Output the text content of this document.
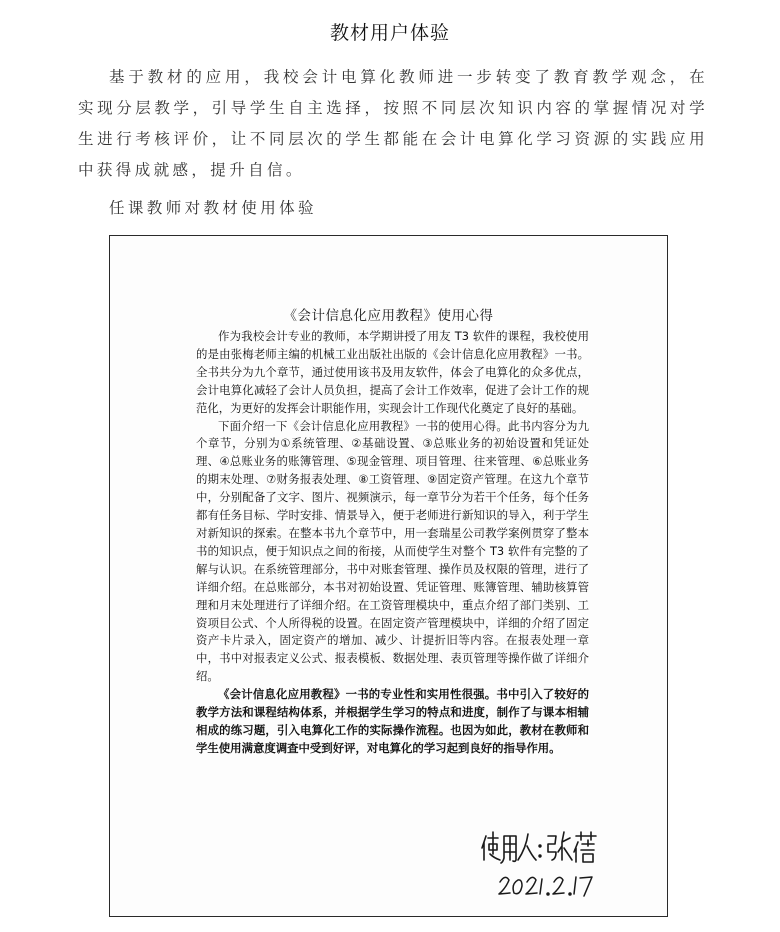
教材用户体验
基于教材的应用，我校会计电算化教师进一步转变了教育教学观念，在实现分层教学，引导学生自主选择，按照不同层次知识内容的掌握情况对学生进行考核评价，让不同层次的学生都能在会计电算化学习资源的实践应用中获得成就感，提升自信。
任课教师对教材使用体验
《会计信息化应用教程》使用心得

作为我校会计专业的教师，本学期讲授了用友 T3 软件的课程，我校使用的是由张梅老师主编的机械工业出版社出版的《会计信息化应用教程》一书。全书共分为九个章节，通过使用该书及用友软件，体会了电算化的众多优点，会计电算化减轻了会计人员负担，提高了会计工作效率，促进了会计工作的规范化，为更好的发挥会计职能作用，实现会计工作现代化奠定了良好的基础。

下面介绍一下《会计信息化应用教程》一书的使用心得。此书内容分为九个章节，分别为①系统管理、②基础设置、③总账业务的初始设置和凭证处理、④总账业务的账簿管理、⑤现金管理、项目管理、往来管理、⑥总账业务的期末处理、⑦财务报表处理、⑧工资管理、⑨固定资产管理。在这九个章节中，分别配备了文字、图片、视频演示，每一章节分为若干个任务，每个任务都有任务目标、学时安排、情景导入，便于老师进行新知识的导入，利于学生对新知识的探索。在整本书九个章节中，用一套瑞星公司教学案例贯穿了整本书的知识点，便于知识点之间的衔接，从而使学生对整个 T3 软件有完整的了解与认识。在系统管理部分，书中对账套管理、操作员及权限的管理，进行了详细介绍。在总账部分，本书对初始设置、凭证管理、账簿管理、辅助核算管理和月末处理进行了详细介绍。在工资管理模块中，重点介绍了部门类别、工资项目公式、个人所得税的设置。在固定资产管理模块中，详细的介绍了固定资产卡片录入，固定资产的增加、减少、计提折旧等内容。在报表处理一章中，书中对报表定义公式、报表模板、数据处理、表页管理等操作做了详细介绍。

《会计信息化应用教程》一书的专业性和实用性很强。书中引入了较好的教学方法和课程结构体系，并根据学生学习的特点和进度，制作了与课本相辅相成的练习题，引入电算化工作的实际操作流程。也因为如此，教材在教师和学生使用满意度调查中受到好评，对电算化的学习起到良好的指导作用。
